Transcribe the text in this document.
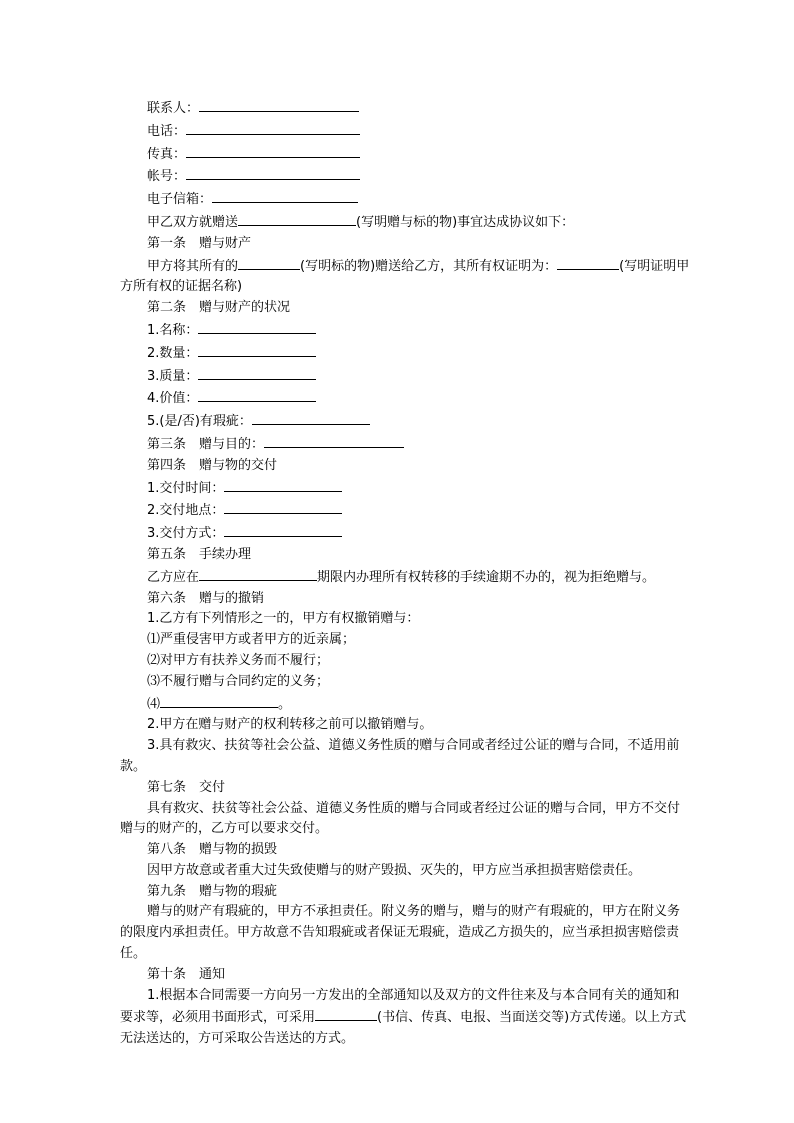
联系人：

电话：

传真：

帐号：

电子信箱：

甲乙双方就赠送	(写明赠与标的物)事宜达成协议如下：

第一条　赠与财产

甲方将其所有的	(写明标的物)赠送给乙方，其所有权证明为：	(写明证明甲方所有权的证据名称)

第二条　赠与财产的状况

1.名称：

2.数量：

3.质量：

4.价值：

5.(是/否)有瑕疵：

第三条　赠与目的：

第四条　赠与物的交付

1.交付时间：

2.交付地点：

3.交付方式：

第五条　手续办理

乙方应在	期限内办理所有权转移的手续逾期不办的，视为拒绝赠与。

第六条　赠与的撤销

1.乙方有下列情形之一的，甲方有权撤销赠与：

⑴严重侵害甲方或者甲方的近亲属；

⑵对甲方有扶养义务而不履行；

⑶不履行赠与合同约定的义务；

⑷	。

2.甲方在赠与财产的权利转移之前可以撤销赠与。

3.具有救灾、扶贫等社会公益、道德义务性质的赠与合同或者经过公证的赠与合同，不适用前款。

第七条　交付

具有救灾、扶贫等社会公益、道德义务性质的赠与合同或者经过公证的赠与合同，甲方不交付赠与的财产的，乙方可以要求交付。

第八条　赠与物的损毁

因甲方故意或者重大过失致使赠与的财产毁损、灭失的，甲方应当承担损害赔偿责任。

第九条　赠与物的瑕疵

赠与的财产有瑕疵的，甲方不承担责任。附义务的赠与，赠与的财产有瑕疵的，甲方在附义务的限度内承担责任。甲方故意不告知瑕疵或者保证无瑕疵，造成乙方损失的，应当承担损害赔偿责任。

第十条　通知

1.根据本合同需要一方向另一方发出的全部通知以及双方的文件往来及与本合同有关的通知和要求等，必须用书面形式，可采用	(书信、传真、电报、当面送交等)方式传递。以上方式无法送达的，方可采取公告送达的方式。
